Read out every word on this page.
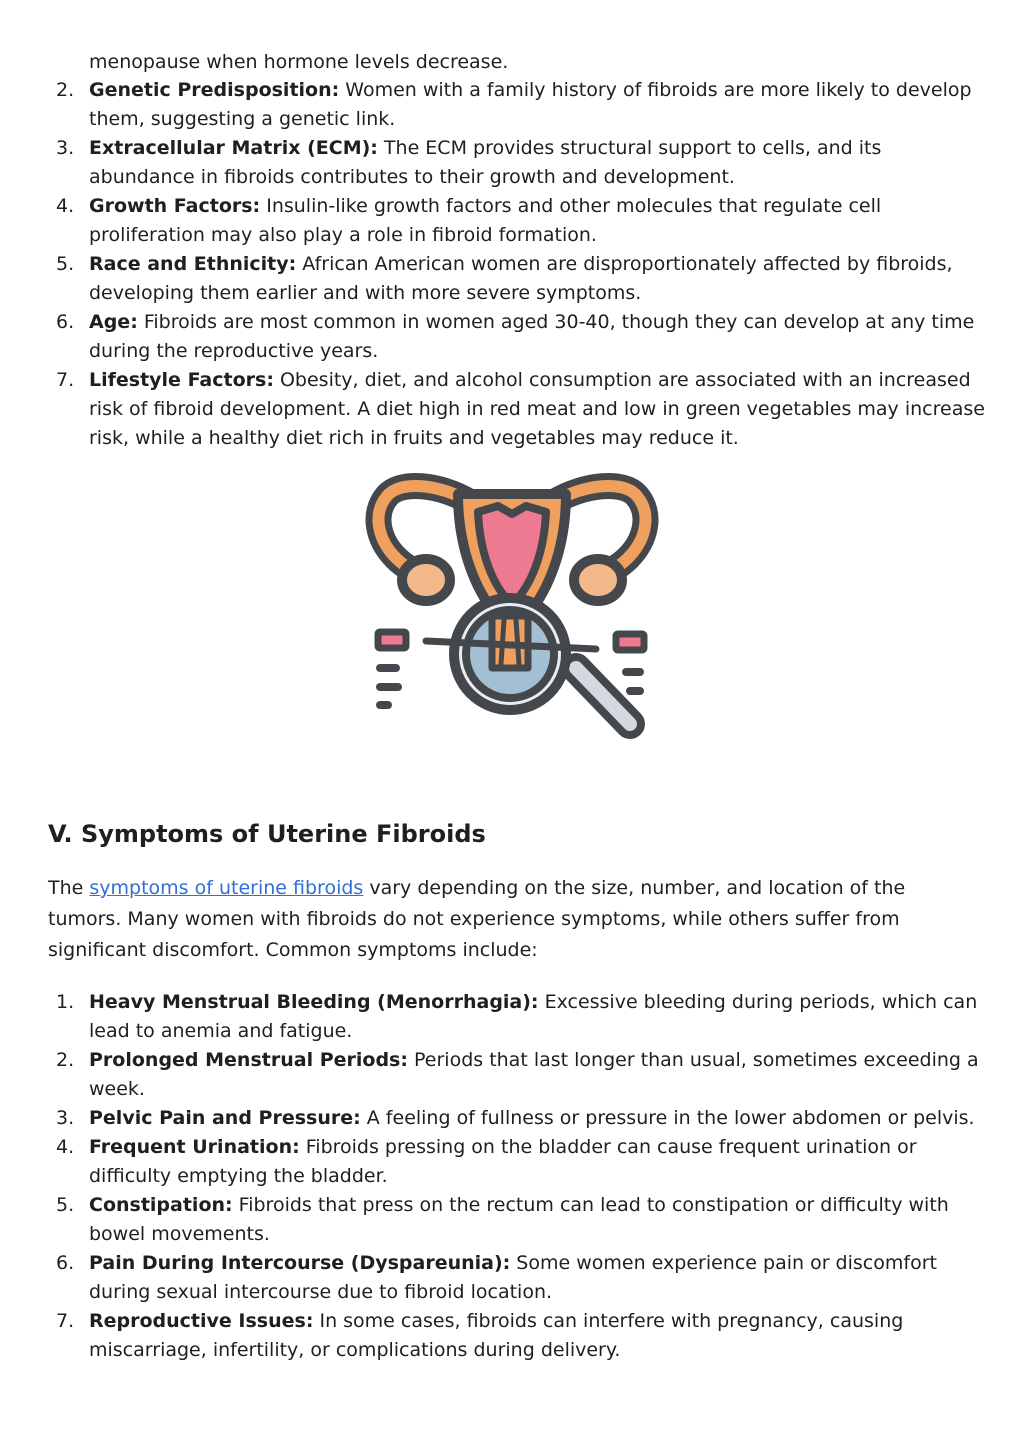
menopause when hormone levels decrease.

2. Genetic Predisposition: Women with a family history of fibroids are more likely to develop them, suggesting a genetic link.
3. Extracellular Matrix (ECM): The ECM provides structural support to cells, and its abundance in fibroids contributes to their growth and development.
4. Growth Factors: Insulin-like growth factors and other molecules that regulate cell proliferation may also play a role in fibroid formation.
5. Race and Ethnicity: African American women are disproportionately affected by fibroids, developing them earlier and with more severe symptoms.
6. Age: Fibroids are most common in women aged 30-40, though they can develop at any time during the reproductive years.
7. Lifestyle Factors: Obesity, diet, and alcohol consumption are associated with an increased risk of fibroid development. A diet high in red meat and low in green vegetables may increase risk, while a healthy diet rich in fruits and vegetables may reduce it.
V. Symptoms of Uterine Fibroids

The symptoms of uterine fibroids vary depending on the size, number, and location of the tumors. Many women with fibroids do not experience symptoms, while others suffer from significant discomfort. Common symptoms include:

1. Heavy Menstrual Bleeding (Menorrhagia): Excessive bleeding during periods, which can lead to anemia and fatigue.
2. Prolonged Menstrual Periods: Periods that last longer than usual, sometimes exceeding a week.
3. Pelvic Pain and Pressure: A feeling of fullness or pressure in the lower abdomen or pelvis.
4. Frequent Urination: Fibroids pressing on the bladder can cause frequent urination or difficulty emptying the bladder.
5. Constipation: Fibroids that press on the rectum can lead to constipation or difficulty with bowel movements.
6. Pain During Intercourse (Dyspareunia): Some women experience pain or discomfort during sexual intercourse due to fibroid location.
7. Reproductive Issues: In some cases, fibroids can interfere with pregnancy, causing miscarriage, infertility, or complications during delivery.
